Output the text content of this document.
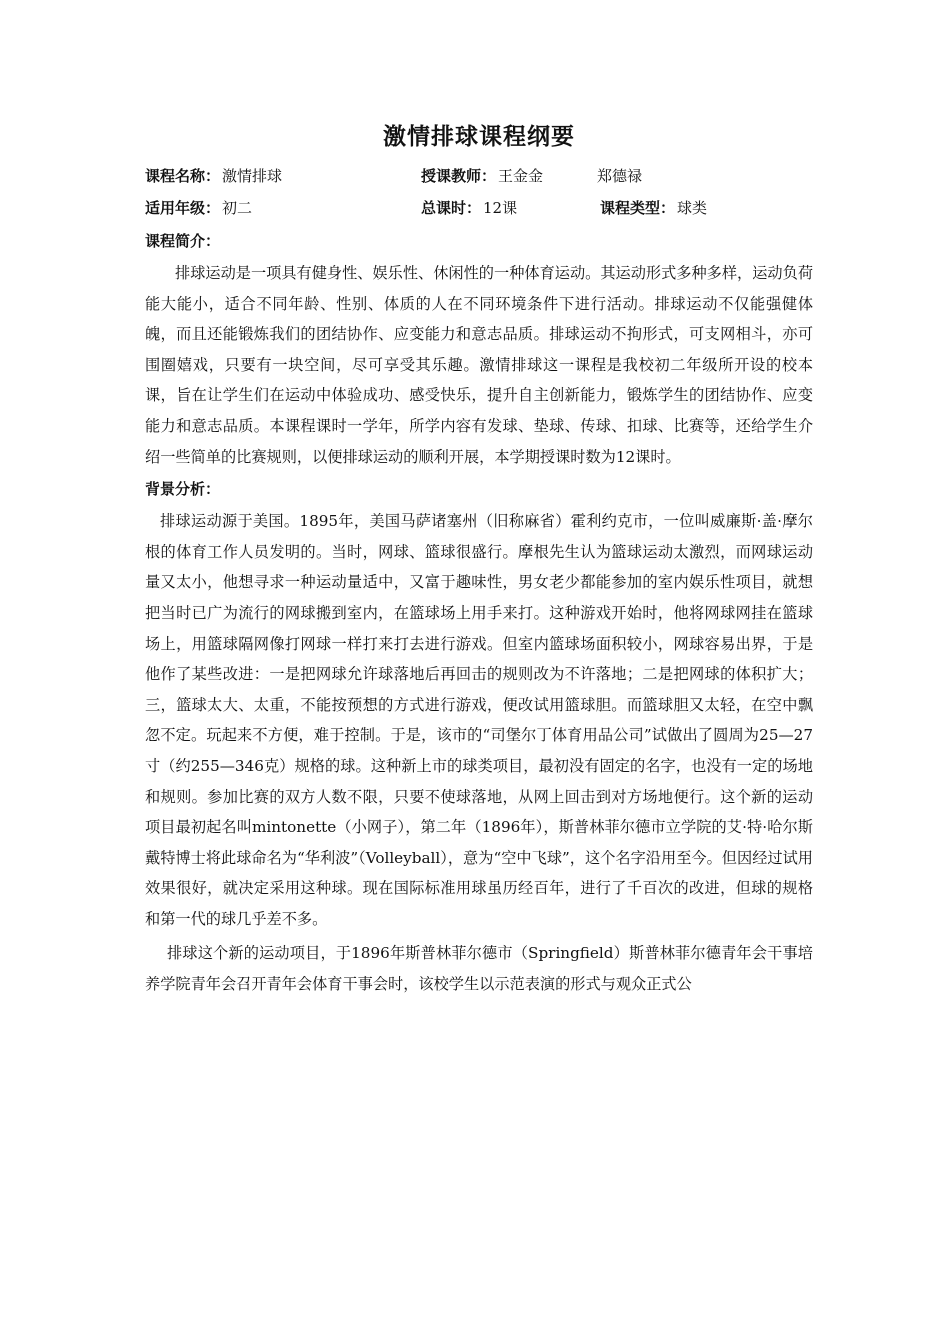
激情排球课程纲要
课程名称： 激情排球	授课教师： 王金金	郑德禄
适用年级： 初二	总课时： 12课	课程类型： 球类
课程简介：

排球运动是一项具有健身性、娱乐性、休闲性的一种体育运动。其运动形式多种多样，运动负荷能大能小，适合不同年龄、性别、体质的人在不同环境条件下进行活动。排球运动不仅能强健体魄，而且还能锻炼我们的团结协作、应变能力和意志品质。排球运动不拘形式，可支网相斗，亦可围圈嬉戏，只要有一块空间，尽可享受其乐趣。激情排球这一课程是我校初二年级所开设的校本课，旨在让学生们在运动中体验成功、感受快乐，提升自主创新能力，锻炼学生的团结协作、应变能力和意志品质。本课程课时一学年，所学内容有发球、垫球、传球、扣球、比赛等，还给学生介绍一些简单的比赛规则，以便排球运动的顺利开展，本学期授课时数为12课时。

背景分析：

排球运动源于美国。1895年，美国马萨诸塞州（旧称麻省）霍利约克市，一位叫威廉斯·盖·摩尔根的体育工作人员发明的。当时，网球、篮球很盛行。摩根先生认为篮球运动太激烈，而网球运动量又太小，他想寻求一种运动量适中，又富于趣味性，男女老少都能参加的室内娱乐性项目，就想把当时已广为流行的网球搬到室内，在篮球场上用手来打。这种游戏开始时，他将网球网挂在篮球场上，用篮球隔网像打网球一样打来打去进行游戏。但室内篮球场面积较小，网球容易出界，于是他作了某些改进：一是把网球允许球落地后再回击的规则改为不许落地；二是把网球的体积扩大；三，篮球太大、太重，不能按预想的方式进行游戏，便改试用篮球胆。而篮球胆又太轻，在空中飘忽不定。玩起来不方便，难于控制。于是，该市的“司堡尔丁体育用品公司”试做出了圆周为25—27寸（约255—346克）规格的球。这种新上市的球类项目，最初没有固定的名字，也没有一定的场地和规则。参加比赛的双方人数不限，只要不使球落地，从网上回击到对方场地便行。这个新的运动项目最初起名叫mintonette（小网子），第二年（1896年），斯普林菲尔德市立学院的艾·特·哈尔斯戴特博士将此球命名为“华利波”（Volleyball），意为“空中飞球”，这个名字沿用至今。但因经过试用效果很好，就决定采用这种球。现在国际标准用球虽历经百年，进行了千百次的改进，但球的规格和第一代的球几乎差不多。

排球这个新的运动项目，于1896年斯普林菲尔德市（Springfield）斯普林菲尔德青年会干事培养学院青年会召开青年会体育干事会时，该校学生以示范表演的形式与观众正式公
